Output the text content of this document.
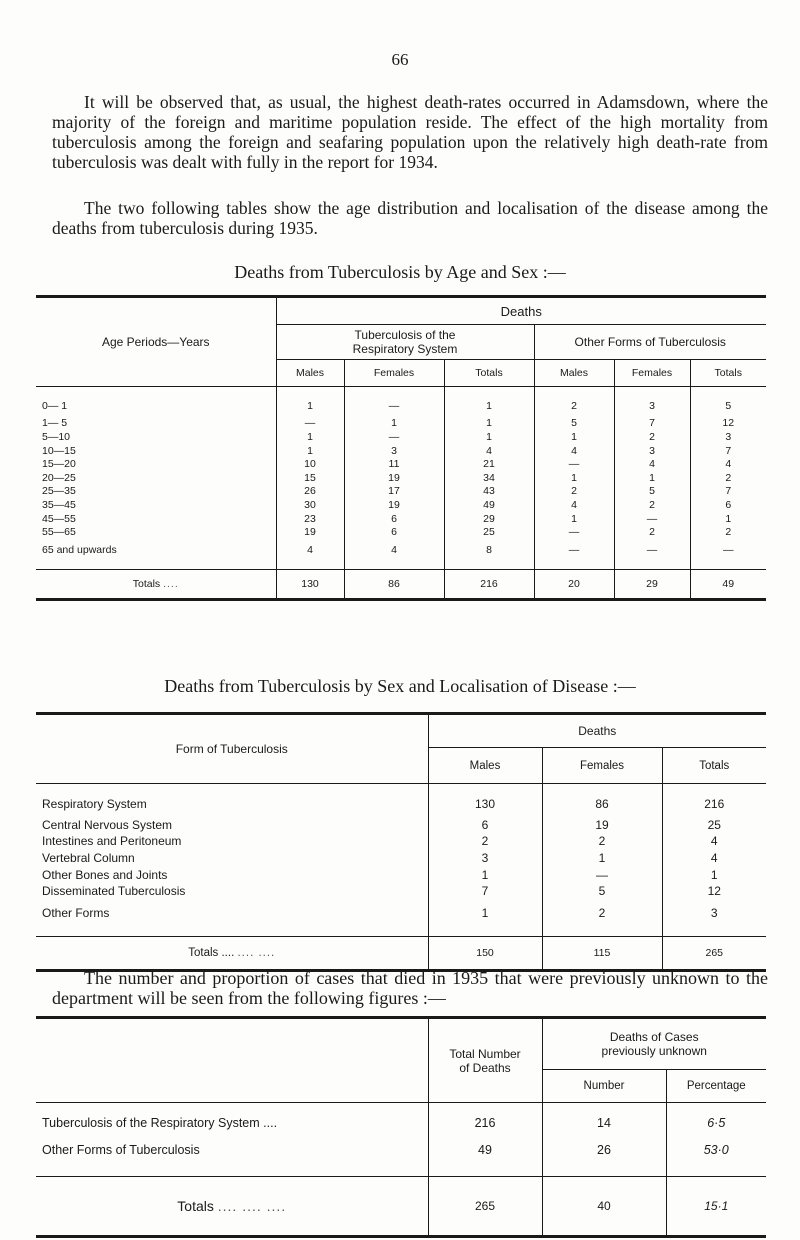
66
It will be observed that, as usual, the highest death-rates occurred in Adamsdown, where the majority of the foreign and maritime population reside. The effect of the high mortality from tuberculosis among the foreign and seafaring population upon the relatively high death-rate from tuberculosis was dealt with fully in the report for 1934.
The two following tables show the age distribution and localisation of the disease among the deaths from tuberculosis during 1935.
Deaths from Tuberculosis by Age and Sex :—
Age Periods—Years	Deaths					
	Tuberculosis of the Respiratory System			Other Forms of Tuberculosis		
	Males	Females	Totals	Males	Females	Totals
0— 1	1	—	1	2	3	5
1— 5	—	1	1	5	7	12
5—10	1	—	1	1	2	3
10—15	1	3	4	4	3	7
15—20	10	11	21	—	4	4
20—25	15	19	34	1	1	2
25—35	26	17	43	2	5	7
35—45	30	19	49	4	2	6
45—55	23	6	29	1	—	1
55—65	19	6	25	—	2	2
65 and upwards	4	4	8	—	—	—
Totals ....	130	86	216	20	29	49
Deaths from Tuberculosis by Sex and Localisation of Disease :—
Form of Tuberculosis	Deaths		
	Males	Females	Totals
Respiratory System	130	86	216
Central Nervous System	6	19	25
Intestines and Peritoneum	2	2	4
Vertebral Column	3	1	4
Other Bones and Joints	1	—	1
Disseminated Tuberculosis	7	5	12
Other Forms	1	2	3
Totals .... .... ....	150	115	265
The number and proportion of cases that died in 1935 that were previously unknown to the department will be seen from the following figures :—
	Total Number of Deaths	Deaths of Cases previously unknown	
		Number	Percentage
Tuberculosis of the Respiratory System ....	216	14	6·5
Other Forms of Tuberculosis	49	26	53·0
Totals .... .... ....	265	40	15·1
